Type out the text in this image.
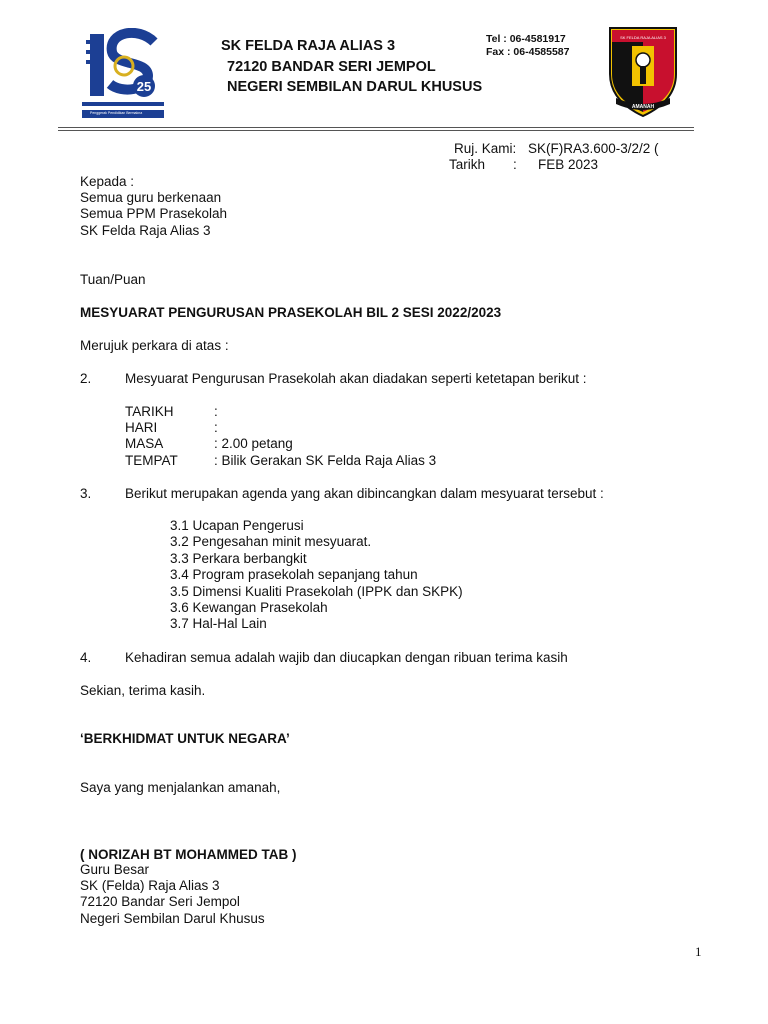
25
PROGRAM TRANSFORMASI SEKOLAH 2025
Penggerak Pendidikan Bermakna
SK FELDA RAJA ALIAS 3
72120 BANDAR SERI JEMPOL
NEGERI SEMBILAN DARUL KHUSUS
Tel : 06-4581917
Fax : 06-4585587
SK FELDA RAJA ALIAS 3
AMANAH
Ruj. Kami: SK(F)RA3.600-3/2/2 (
Tarikh : FEB 2023
Kepada :
Semua guru berkenaan
Semua PPM Prasekolah
SK Felda Raja Alias 3
Tuan/Puan
MESYUARAT PENGURUSAN PRASEKOLAH BIL 2 SESI 2022/2023
Merujuk perkara di atas :
2. Mesyuarat Pengurusan Prasekolah akan diadakan seperti ketetapan berikut :
TARIKH	:
HARI	:
MASA	: 2.00 petang
TEMPAT	: Bilik Gerakan SK Felda Raja Alias 3
3. Berikut merupakan agenda yang akan dibincangkan dalam mesyuarat tersebut :
3.1 Ucapan Pengerusi
3.2 Pengesahan minit mesyuarat.
3.3 Perkara berbangkit
3.4 Program prasekolah sepanjang tahun
3.5 Dimensi Kualiti Prasekolah (IPPK dan SKPK)
3.6 Kewangan Prasekolah
3.7 Hal-Hal Lain
4. Kehadiran semua adalah wajib dan diucapkan dengan ribuan terima kasih
Sekian, terima kasih.
‘BERKHIDMAT UNTUK NEGARA’
Saya yang menjalankan amanah,
( NORIZAH BT MOHAMMED TAB )
Guru Besar
SK (Felda) Raja Alias 3
72120 Bandar Seri Jempol
Negeri Sembilan Darul Khusus
1
